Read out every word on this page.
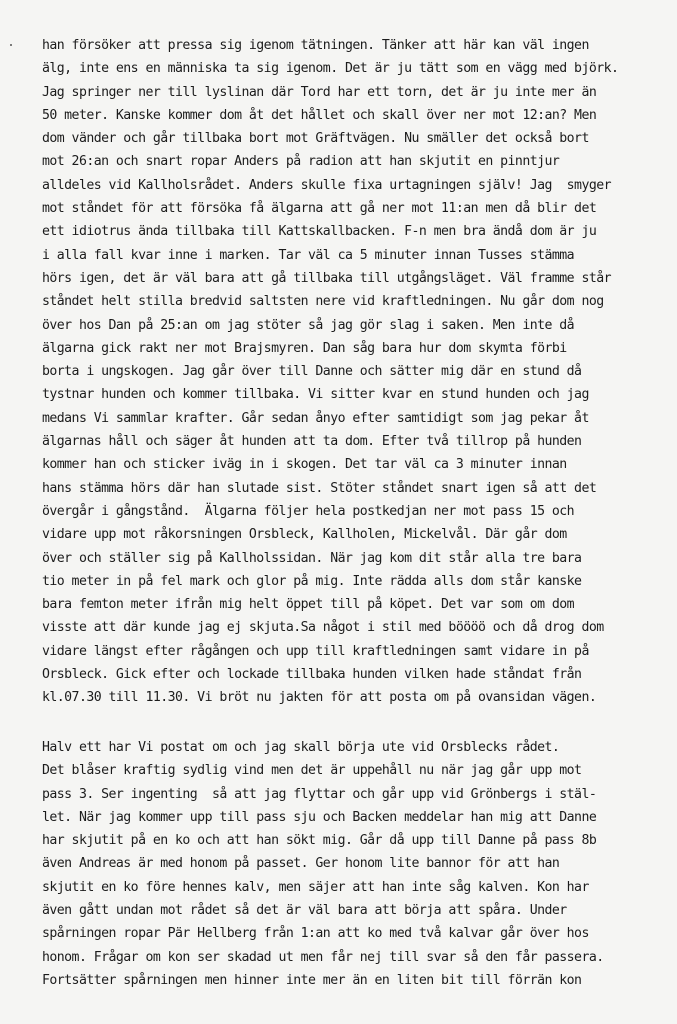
han försöker att pressa sig igenom tätningen. Tänker att här kan väl ingen
älg, inte ens en människa ta sig igenom. Det är ju tätt som en vägg med björk.
Jag springer ner till lyslinan där Tord har ett torn, det är ju inte mer än
50 meter. Kanske kommer dom åt det hållet och skall över ner mot 12:an? Men
dom vänder och går tillbaka bort mot Gräftvägen. Nu smäller det också bort
mot 26:an och snart ropar Anders på radion att han skjutit en pinntjur
alldeles vid Kallholsrådet. Anders skulle fixa urtagningen själv! Jag  smyger
mot ståndet för att försöka få älgarna att gå ner mot 11:an men då blir det
ett idiotrus ända tillbaka till Kattskallbacken. F-n men bra ändå dom är ju
i alla fall kvar inne i marken. Tar väl ca 5 minuter innan Tusses stämma
hörs igen, det är väl bara att gå tillbaka till utgångsläget. Väl framme står
ståndet helt stilla bredvid saltsten nere vid kraftledningen. Nu går dom nog
över hos Dan på 25:an om jag stöter så jag gör slag i saken. Men inte då
älgarna gick rakt ner mot Brajsmyren. Dan såg bara hur dom skymta förbi
borta i ungskogen. Jag går över till Danne och sätter mig där en stund då
tystnar hunden och kommer tillbaka. Vi sitter kvar en stund hunden och jag
medans Vi sammlar krafter. Går sedan ånyo efter samtidigt som jag pekar åt
älgarnas håll och säger åt hunden att ta dom. Efter två tillrop på hunden
kommer han och sticker iväg in i skogen. Det tar väl ca 3 minuter innan
hans stämma hörs där han slutade sist. Stöter ståndet snart igen så att det
övergår i gångstånd.  Älgarna följer hela postkedjan ner mot pass 15 och
vidare upp mot råkorsningen Orsbleck, Kallholen, Mickelvål. Där går dom
över och ställer sig på Kallholssidan. När jag kom dit står alla tre bara
tio meter in på fel mark och glor på mig. Inte rädda alls dom står kanske
bara femton meter ifrån mig helt öppet till på köpet. Det var som om dom
visste att där kunde jag ej skjuta.Sa något i stil med böööö och då drog dom
vidare längst efter rågången och upp till kraftledningen samt vidare in på
Orsbleck. Gick efter och lockade tillbaka hunden vilken hade ståndat från
kl.07.30 till 11.30. Vi bröt nu jakten för att posta om på ovansidan vägen.
Halv ett har Vi postat om och jag skall börja ute vid Orsblecks rådet.
Det blåser kraftig sydlig vind men det är uppehåll nu när jag går upp mot
pass 3. Ser ingenting  så att jag flyttar och går upp vid Grönbergs i stäl-
let. När jag kommer upp till pass sju och Backen meddelar han mig att Danne
har skjutit på en ko och att han sökt mig. Går då upp till Danne på pass 8b
även Andreas är med honom på passet. Ger honom lite bannor för att han
skjutit en ko före hennes kalv, men säjer att han inte såg kalven. Kon har
även gått undan mot rådet så det är väl bara att börja att spåra. Under
spårningen ropar Pär Hellberg från 1:an att ko med två kalvar går över hos
honom. Frågar om kon ser skadad ut men får nej till svar så den får passera.
Fortsätter spårningen men hinner inte mer än en liten bit till förrän kon
